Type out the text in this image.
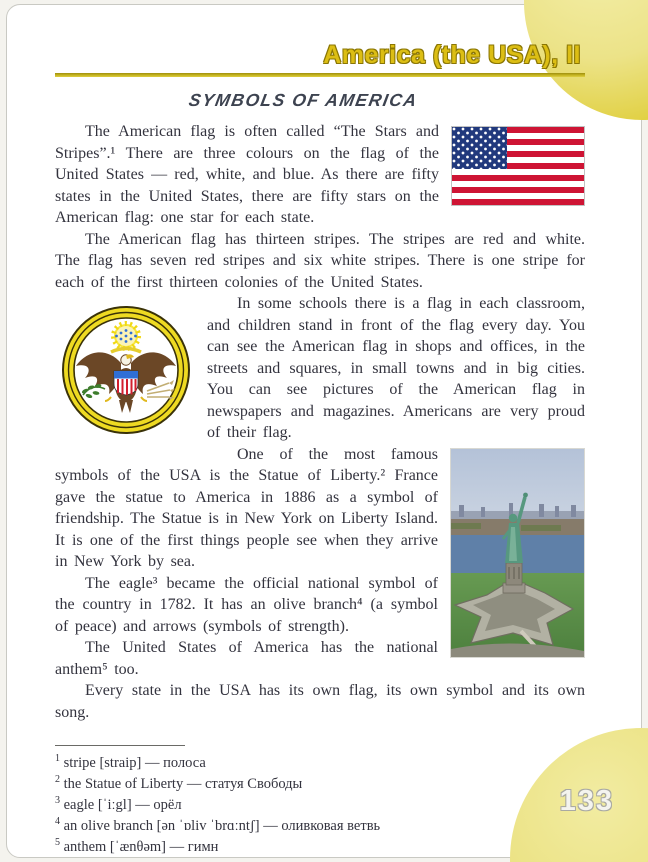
133
America (the USA), II
SYMBOLS OF AMERICA

The American flag is often called “The Stars and Stripes”.¹ There are three colours on the flag of the United States — red, white, and blue. As there are fifty states in the United States, there are fifty stars on the American flag: one star for each state.

The American flag has thirteen stripes. The stripes are red and white. The flag has seven red stripes and six white stripes. There is one stripe for each of the first thirteen colonies of the United States.

In some schools there is a flag in each classroom, and children stand in front of the flag every day. You can see the American flag in shops and offices, in the streets and squares, in small towns and in big cities. You can see pictures of the American flag in newspapers and magazines. Americans are very proud of their flag.

One of the most famous symbols of the USA is the Statue of Liberty.² France gave the statue to America in 1886 as a symbol of friendship. The Statue is in New York on Liberty Island. It is one of the first things people see when they arrive in New York by sea.

The eagle³ became the official national symbol of the country in 1782. It has an olive branch⁴ (a symbol of peace) and arrows (symbols of strength).

The United States of America has the national anthem⁵ too.

Every state in the USA has its own flag, its own symbol and its own song.

$^1$ stripe [straip] — полоса
$^2$ the Statue of Liberty — статуя Свободы
$^3$ eagle [ˈiːgl] — орёл
$^4$ an olive branch [ən ˈɒliv ˈbrɑːntʃ] — оливковая ветвь
$^5$ anthem [ˈænθəm] — гимн
